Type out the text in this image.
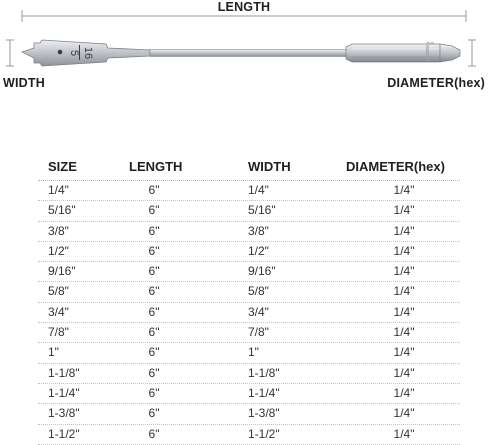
LENGTH
5 16
WIDTH	DIAMETER(hex)
SIZE	LENGTH	WIDTH	DIAMETER(hex)
1/4"	6"	1/4"	1/4"
5/16"	6"	5/16"	1/4"
3/8"	6"	3/8"	1/4"
1/2"	6"	1/2"	1/4"
9/16"	6"	9/16"	1/4"
5/8"	6"	5/8"	1/4"
3/4"	6"	3/4"	1/4"
7/8"	6"	7/8"	1/4"
1"	6"	1"	1/4"
1-1/8"	6"	1-1/8"	1/4"
1-1/4"	6"	1-1/4"	1/4"
1-3/8"	6"	1-3/8"	1/4"
1-1/2"	6"	1-1/2"	1/4"
